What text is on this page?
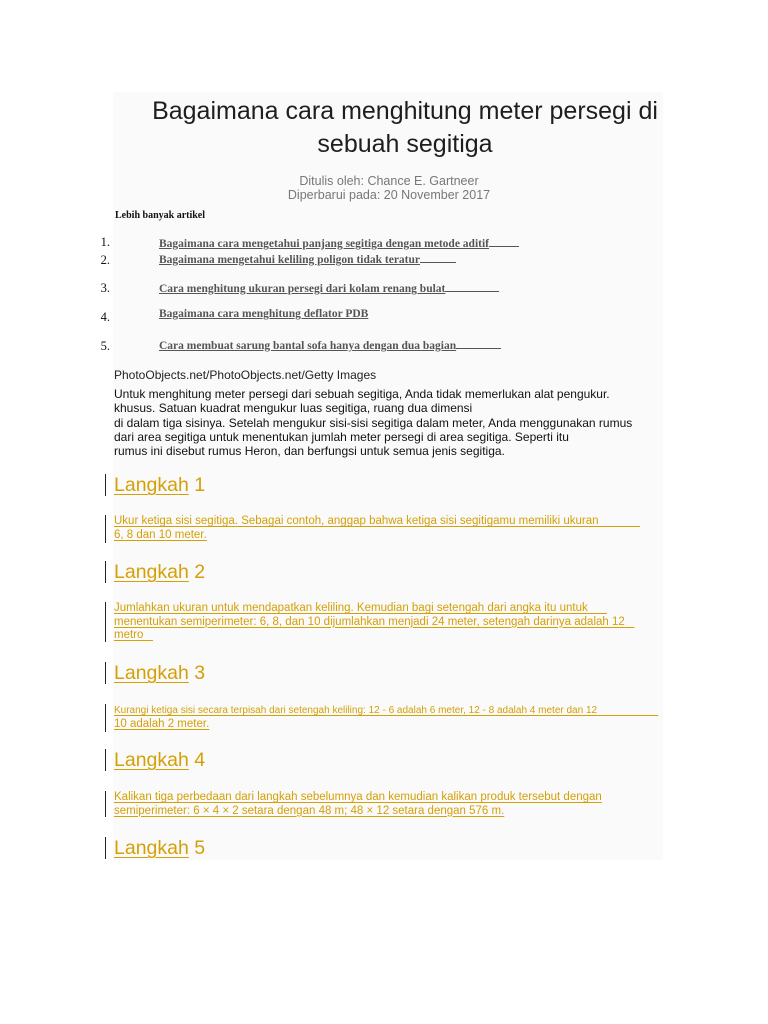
Bagaimana cara menghitung meter persegi di
sebuah segitiga
Ditulis oleh: Chance E. Gartneer
Diperbarui pada: 20 November 2017
Lebih banyak artikel
1.	Bagaimana cara mengetahui panjang segitiga dengan metode aditif
2.	Bagaimana mengetahui keliling poligon tidak teratur
3.	Cara menghitung ukuran persegi dari kolam renang bulat
4.	Bagaimana cara menghitung deflator PDB
5.	Cara membuat sarung bantal sofa hanya dengan dua bagian
PhotoObjects.net/PhotoObjects.net/Getty Images
Untuk menghitung meter persegi dari sebuah segitiga, Anda tidak memerlukan alat pengukur.
khusus. Satuan kuadrat mengukur luas segitiga, ruang dua dimensi
di dalam tiga sisinya. Setelah mengukur sisi-sisi segitiga dalam meter, Anda menggunakan rumus
dari area segitiga untuk menentukan jumlah meter persegi di area segitiga. Seperti itu
rumus ini disebut rumus Heron, dan berfungsi untuk semua jenis segitiga.
Langkah 1
Ukur ketiga sisi segitiga. Sebagai contoh, anggap bahwa ketiga sisi segitigamu memiliki ukuran
6, 8 dan 10 meter.
Langkah 2
Jumlahkan ukuran untuk mendapatkan keliling. Kemudian bagi setengah dari angka itu untuk
menentukan semiperimeter: 6, 8, dan 10 dijumlahkan menjadi 24 meter, setengah darinya adalah 12
metro
Langkah 3
Kurangi ketiga sisi secara terpisah dari setengah keliling: 12 - 6 adalah 6 meter, 12 - 8 adalah 4 meter dan 12
10 adalah 2 meter.
Langkah 4
Kalikan tiga perbedaan dari langkah sebelumnya dan kemudian kalikan produk tersebut dengan
semiperimeter: 6 × 4 × 2 setara dengan 48 m; 48 × 12 setara dengan 576 m.
Langkah 5
